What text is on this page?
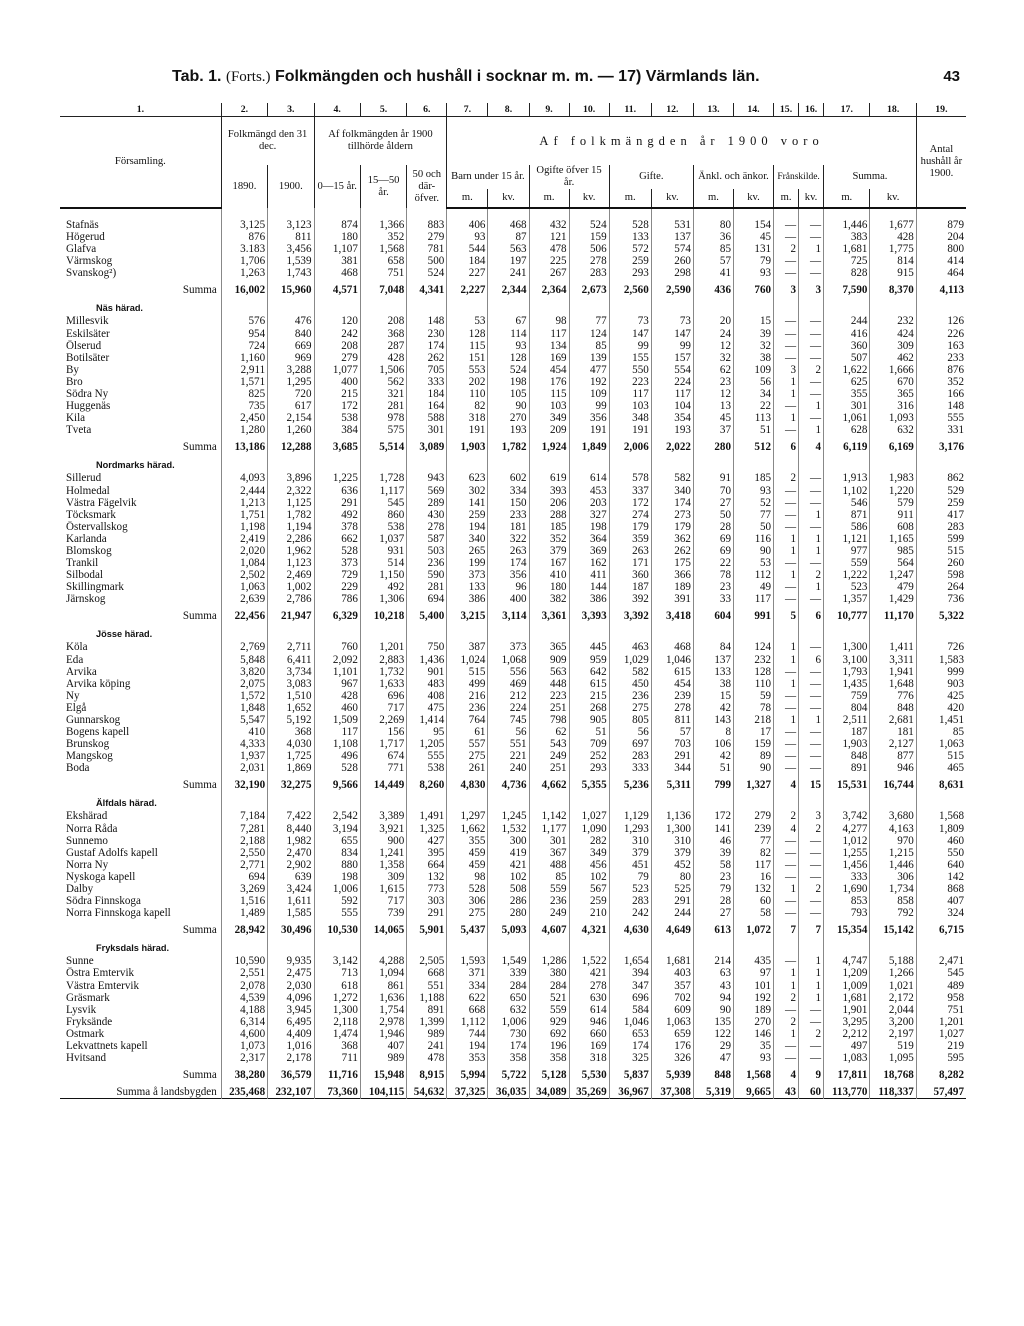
Tab. 1. (Forts.) Folkmängden och hushåll i socknar m. m. — 17) Värmlands län.	43
1.	2.	3.	4.	5.	6.	7.	8.	9.	10.	11.	12.	13.	14.	15.	16.	17.	18.	19.
Församling.	Folkmängd den 31 dec.		Af folkmängden år 1900 tillhörde åldern			Af folkmängden år 1900 voro												Antal hushåll år 1900.
	1890.	1900.	0—15 år.	15—50 år.	50 och där-öfver.	Barn under 15 år.		Ogifte öfver 15 år.		Gifte.		Änkl. och änkor.		Frånskilde.		Summa.		
						m.	kv.	m.	kv.	m.	kv.	m.	kv.	m.	kv.	m.	kv.	

Stafnäs	3,125	3,123	874	1,366	883	406	468	432	524	528	531	80	154	—	—	1,446	1,677	879
Högerud	876	811	180	352	279	93	87	121	159	133	137	36	45	—	—	383	428	204
Glafva	3.183	3,456	1,107	1,568	781	544	563	478	506	572	574	85	131	2	1	1,681	1,775	800
Värmskog	1,706	1,539	381	658	500	184	197	225	278	259	260	57	79	—	—	725	814	414
Svanskog²)	1,263	1,743	468	751	524	227	241	267	283	293	298	41	93	—	—	828	915	464
Summa	16,002	15,960	4,571	7,048	4,341	2,227	2,344	2,364	2,673	2,560	2,590	436	760	3	3	7,590	8,370	4,113
Näs härad.																		
Millesvik	576	476	120	208	148	53	67	98	77	73	73	20	15	—	—	244	232	126
Eskilsäter	954	840	242	368	230	128	114	117	124	147	147	24	39	—	—	416	424	226
Ölserud	724	669	208	287	174	115	93	134	85	99	99	12	32	—	—	360	309	163
Botilsäter	1,160	969	279	428	262	151	128	169	139	155	157	32	38	—	—	507	462	233
By	2,911	3,288	1,077	1,506	705	553	524	454	477	550	554	62	109	3	2	1,622	1,666	876
Bro	1,571	1,295	400	562	333	202	198	176	192	223	224	23	56	1	—	625	670	352
Södra Ny	825	720	215	321	184	110	105	115	109	117	117	12	34	1	—	355	365	166
Huggenäs	735	617	172	281	164	82	90	103	99	103	104	13	22	—	1	301	316	148
Kila	2,450	2,154	538	978	588	318	270	349	356	348	354	45	113	1	—	1,061	1,093	555
Tveta	1,280	1,260	384	575	301	191	193	209	191	191	193	37	51	—	1	628	632	331
Summa	13,186	12,288	3,685	5,514	3,089	1,903	1,782	1,924	1,849	2,006	2,022	280	512	6	4	6,119	6,169	3,176
Nordmarks härad.																		
Sillerud	4,093	3,896	1,225	1,728	943	623	602	619	614	578	582	91	185	2	—	1,913	1,983	862
Holmedal	2,444	2,322	636	1,117	569	302	334	393	453	337	340	70	93	—	—	1,102	1,220	529
Västra Fägelvik	1,213	1,125	291	545	289	141	150	206	203	172	174	27	52	—	—	546	579	259
Töcksmark	1,751	1,782	492	860	430	259	233	288	327	274	273	50	77	—	1	871	911	417
Östervallskog	1,198	1,194	378	538	278	194	181	185	198	179	179	28	50	—	—	586	608	283
Karlanda	2,419	2,286	662	1,037	587	340	322	352	364	359	362	69	116	1	1	1,121	1,165	599
Blomskog	2,020	1,962	528	931	503	265	263	379	369	263	262	69	90	1	1	977	985	515
Trankil	1,084	1,123	373	514	236	199	174	167	162	171	175	22	53	—	—	559	564	260
Silbodal	2,502	2,469	729	1,150	590	373	356	410	411	360	366	78	112	1	2	1,222	1,247	598
Skillingmark	1,063	1,002	229	492	281	133	96	180	144	187	189	23	49	—	1	523	479	264
Järnskog	2,639	2,786	786	1,306	694	386	400	382	386	392	391	33	117	—	—	1,357	1,429	736
Summa	22,456	21,947	6,329	10,218	5,400	3,215	3,114	3,361	3,393	3,392	3,418	604	991	5	6	10,777	11,170	5,322
Jösse härad.																		
Köla	2,769	2,711	760	1,201	750	387	373	365	445	463	468	84	124	1	—	1,300	1,411	726
Eda	5,848	6,411	2,092	2,883	1,436	1,024	1,068	909	959	1,029	1,046	137	232	1	6	3,100	3,311	1,583
Arvika	3,820	3,734	1,101	1,732	901	515	556	563	642	582	615	133	128	—	—	1,793	1,941	999
Arvika köping	2,075	3,083	967	1,633	483	499	469	448	615	450	454	38	110	1	—	1,435	1,648	903
Ny	1,572	1,510	428	696	408	216	212	223	215	236	239	15	59	—	—	759	776	425
Elgå	1,848	1,652	460	717	475	236	224	251	268	275	278	42	78	—	—	804	848	420
Gunnarskog	5,547	5,192	1,509	2,269	1,414	764	745	798	905	805	811	143	218	1	1	2,511	2,681	1,451
Bogens kapell	410	368	117	156	95	61	56	62	51	56	57	8	17	—	—	187	181	85
Brunskog	4,333	4,030	1,108	1,717	1,205	557	551	543	709	697	703	106	159	—	—	1,903	2,127	1,063
Mangskog	1,937	1,725	496	674	555	275	221	249	252	283	291	42	89	—	—	848	877	515
Boda	2,031	1,869	528	771	538	261	240	251	293	333	344	51	90	—	—	891	946	465
Summa	32,190	32,275	9,566	14,449	8,260	4,830	4,736	4,662	5,355	5,236	5,311	799	1,327	4	15	15,531	16,744	8,631
Älfdals härad.																		
Ekshärad	7,184	7,422	2,542	3,389	1,491	1,297	1,245	1,142	1,027	1,129	1,136	172	279	2	3	3,742	3,680	1,568
Norra Råda	7,281	8,440	3,194	3,921	1,325	1,662	1,532	1,177	1,090	1,293	1,300	141	239	4	2	4,277	4,163	1,809
Sunnemo	2,188	1,982	655	900	427	355	300	301	282	310	310	46	77	—	—	1,012	970	460
Gustaf Adolfs kapell	2,550	2,470	834	1,241	395	459	419	367	349	379	379	39	82	—	—	1,255	1,215	550
Norra Ny	2,771	2,902	880	1,358	664	459	421	488	456	451	452	58	117	—	—	1,456	1,446	640
Nyskoga kapell	694	639	198	309	132	98	102	85	102	79	80	23	16	—	—	333	306	142
Dalby	3,269	3,424	1,006	1,615	773	528	508	559	567	523	525	79	132	1	2	1,690	1,734	868
Södra Finnskoga	1,516	1,611	592	717	303	306	286	236	259	283	291	28	60	—	—	853	858	407
Norra Finnskoga kapell	1,489	1,585	555	739	291	275	280	249	210	242	244	27	58	—	—	793	792	324
Summa	28,942	30,496	10,530	14,065	5,901	5,437	5,093	4,607	4,321	4,630	4,649	613	1,072	7	7	15,354	15,142	6,715
Fryksdals härad.																		
Sunne	10,590	9,935	3,142	4,288	2,505	1,593	1,549	1,286	1,522	1,654	1,681	214	435	—	1	4,747	5,188	2,471
Östra Emtervik	2,551	2,475	713	1,094	668	371	339	380	421	394	403	63	97	1	1	1,209	1,266	545
Västra Emtervik	2,078	2,030	618	861	551	334	284	284	278	347	357	43	101	1	1	1,009	1,021	489
Gräsmark	4,539	4,096	1,272	1,636	1,188	622	650	521	630	696	702	94	192	2	1	1,681	2,172	958
Lysvik	4,188	3,945	1,300	1,754	891	668	632	559	614	584	609	90	189	—	—	1,901	2,044	751
Fryksände	6,314	6,495	2,118	2,978	1,399	1,112	1,006	929	946	1,046	1,063	135	270	2	—	3,295	3,200	1,201
Ostmark	4,600	4,409	1,474	1,946	989	744	730	692	660	653	659	122	146	1	2	2,212	2,197	1,027
Lekvattnets kapell	1,073	1,016	368	407	241	194	174	196	169	174	176	29	35	—	—	497	519	219
Hvitsand	2,317	2,178	711	989	478	353	358	358	318	325	326	47	93	—	—	1,083	1,095	595
Summa	38,280	36,579	11,716	15,948	8,915	5,994	5,722	5,128	5,530	5,837	5,939	848	1,568	4	9	17,811	18,768	8,282
Summa å landsbygden	235,468	232,107	73,360	104,115	54,632	37,325	36,035	34,089	35,269	36,967	37,308	5,319	9,665	43	60	113,770	118,337	57,497
